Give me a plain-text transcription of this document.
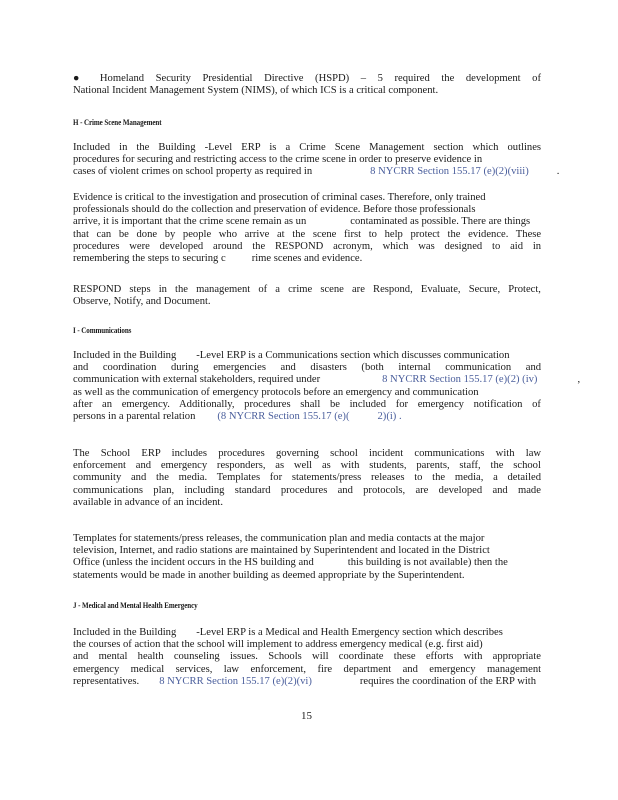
● Homeland Security Presidential Directive (HSPD) – 5 required the development of
National Incident Management System (NIMS), of which ICS is a critical component.
H - Crime Scene Management
Included in the Building -Level ERP is a Crime Scene Management section which outlines
procedures for securing and restricting access to the crime scene in order to preserve evidence in
cases of violent crimes on school property as required in	8 NYCRR Section 155.17 (e)(2)(viii)	.
Evidence is critical to the investigation and prosecution of criminal cases. Therefore, only trained
professionals should do the collection and preservation of evidence. Before those professionals
arrive, it is important that the crime scene remain as un	contaminated as possible. There are things
that can be done by people who arrive at the scene first to help protect the evidence. These
procedures were developed around the RESPOND acronym, which was designed to aid in
remembering the steps to securing c rime scenes and evidence.
RESPOND steps in the management of a crime scene are Respond, Evaluate, Secure, Protect,
Observe, Notify, and Document.
I - Communications
Included in the Building -Level ERP is a Communications section which discusses communication
and coordination during emergencies and disasters (both internal communication and
communication with external stakeholders, required under	8 NYCRR Section 155.17 (e)(2) (iv)	,
as well as the communication of emergency protocols before an emergency and communication
after an emergency. Additionally, procedures shall be included for emergency notification of
persons in a parental relation (8 NYCRR Section 155.17 (e)(	2)(i) .
The School ERP includes procedures governing school incident communications with law
enforcement and emergency responders, as well as with students, parents, staff, the school
community and the media. Templates for statements/press releases to the media, a detailed
communications plan, including standard procedures and protocols, are developed and made
available in advance of an incident.
Templates for statements/press releases, the communication plan and media contacts at the major
television, Internet, and radio stations are maintained by Superintendent and located in the District
Office (unless the incident occurs in the HS building and	this building is not available) then the
statements would be made in another building as deemed appropriate by the Superintendent.
J - Medical and Mental Health Emergency
Included in the Building -Level ERP is a Medical and Health Emergency section which describes
the courses of action that the school will implement to address emergency medical (e.g. first aid)
and mental health counseling issues. Schools will coordinate these efforts with appropriate
emergency medical services, law enforcement, fire department and emergency management
representatives. 8 NYCRR Section 155.17 (e)(2)(vi)	requires the coordination of the ERP with
15
